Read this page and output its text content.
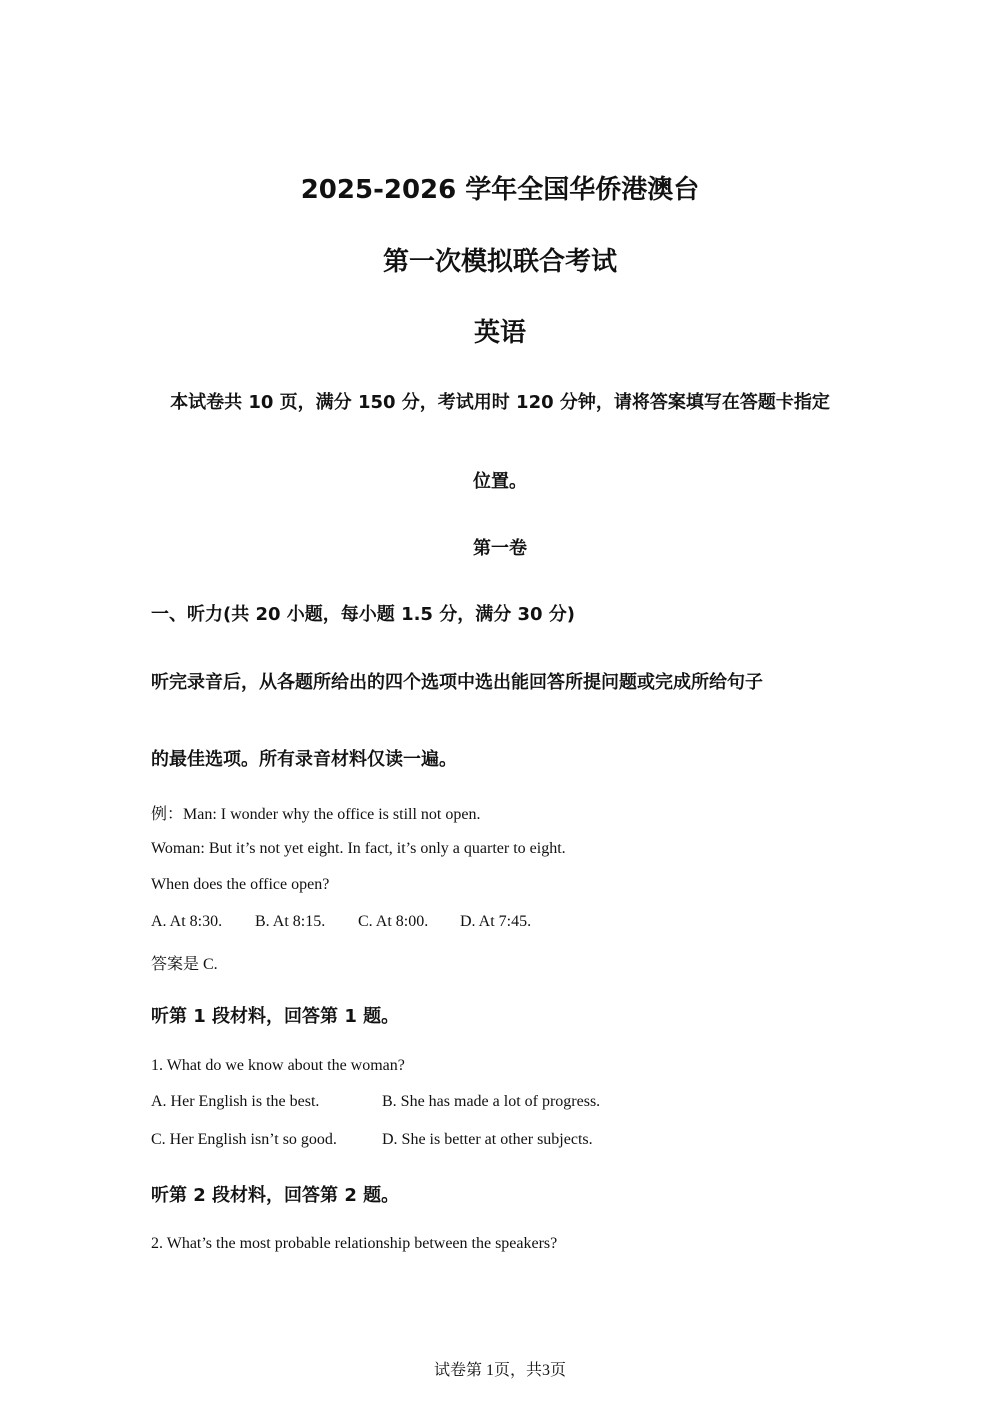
2025-2026 学年全国华侨港澳台
第一次模拟联合考试
英语
本试卷共 10 页，满分 150 分，考试用时 120 分钟，请将答案填写在答题卡指定
位置。
第一卷
一、听力(共 20 小题，每小题 1.5 分，满分 30 分)
听完录音后，从各题所给出的四个选项中选出能回答所提问题或完成所给句子
的最佳选项。所有录音材料仅读一遍。
例：Man: I wonder why the office is still not open.
Woman: But it’s not yet eight. In fact, it’s only a quarter to eight.
When does the office open?
A. At 8:30. B. At 8:15. C. At 8:00. D. At 7:45.
答案是 C.
听第 1 段材料，回答第 1 题。
1. What do we know about the woman?
A. Her English is the best.	B. She has made a lot of progress.
C. Her English isn’t so good.	D. She is better at other subjects.
听第 2 段材料，回答第 2 题。
2. What’s the most probable relationship between the speakers?
试卷第 1页，共3页
